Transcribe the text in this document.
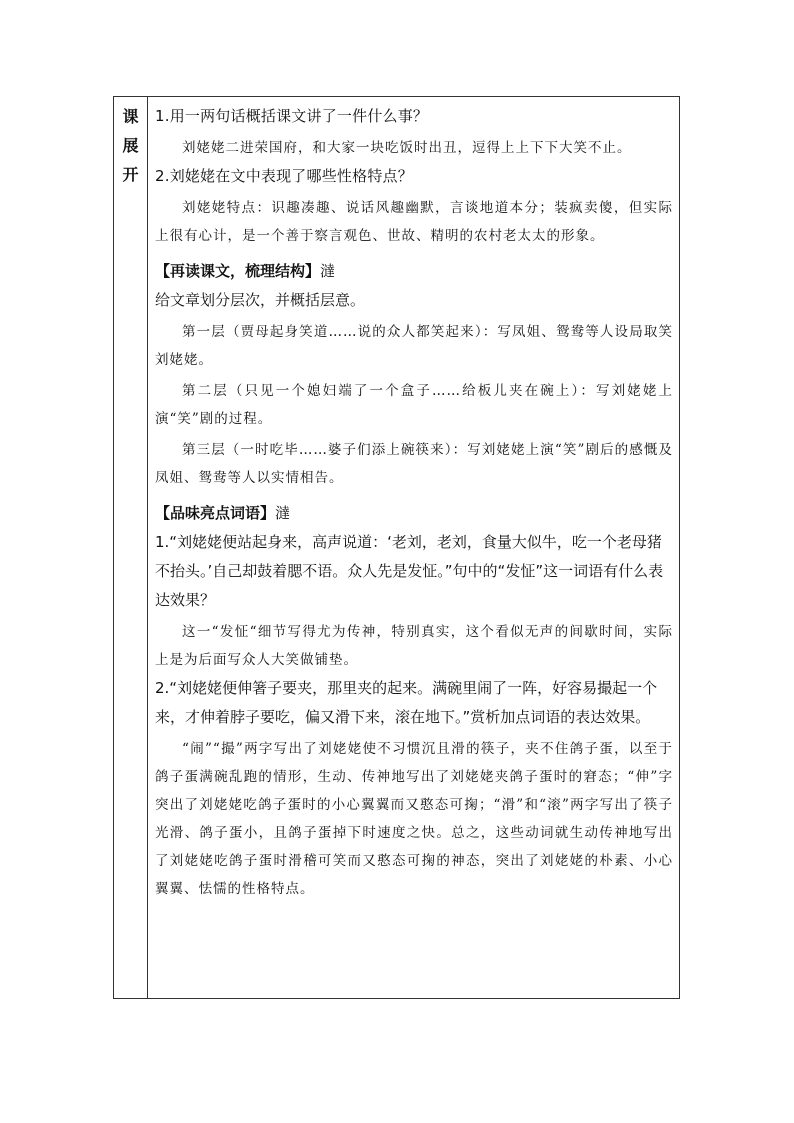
课
展
开

1.用一两句话概括课文讲了一件什么事？

刘姥姥二进荣国府，和大家一块吃饭时出丑，逗得上上下下大笑不止。

2.刘姥姥在文中表现了哪些性格特点？

刘姥姥特点：识趣凑趣、说话风趣幽默，言谈地道本分；装疯卖傻，但实际上很有心计，是一个善于察言观色、世故、精明的农村老太太的形象。

【再读课文，梳理结构】澾

给文章划分层次，并概括层意。

第一层（贾母起身笑道……说的众人都笑起来）：写凤姐、鸳鸯等人设局取笑刘姥姥。

第二层（只见一个媳妇端了一个盒子……给板儿夹在碗上）：写刘姥姥上演“笑”剧的过程。

第三层（一时吃毕……婆子们添上碗筷来）：写刘姥姥上演“笑”剧后的感慨及凤姐、鸳鸯等人以实情相告。

【品味亮点词语】澾

1.“刘姥姥便站起身来，高声说道：‘老刘，老刘，食量大似牛，吃一个老母猪不抬头。’自己却鼓着腮不语。众人先是发怔。”句中的“发怔”这一词语有什么表达效果？

这一“发怔“细节写得尤为传神，特别真实，这个看似无声的间歇时间，实际上是为后面写众人大笑做铺垫。

2.“刘姥姥便伸箸子要夹，那里夹的起来。满碗里闹了一阵，好容易撮起一个来，才伸着脖子要吃，偏又滑下来，滚在地下。”赏析加点词语的表达效果。

“闹”“撮”两字写出了刘姥姥使不习惯沉且滑的筷子，夹不住鸽子蛋，以至于鸽子蛋满碗乱跑的情形，生动、传神地写出了刘姥姥夹鸽子蛋时的窘态；“伸”字突出了刘姥姥吃鸽子蛋时的小心翼翼而又憨态可掬；“滑”和“滚”两字写出了筷子光滑、鸽子蛋小，且鸽子蛋掉下时速度之快。总之，这些动词就生动传神地写出了刘姥姥吃鸽子蛋时滑稽可笑而又憨态可掬的神态，突出了刘姥姥的朴素、小心翼翼、怯懦的性格特点。
